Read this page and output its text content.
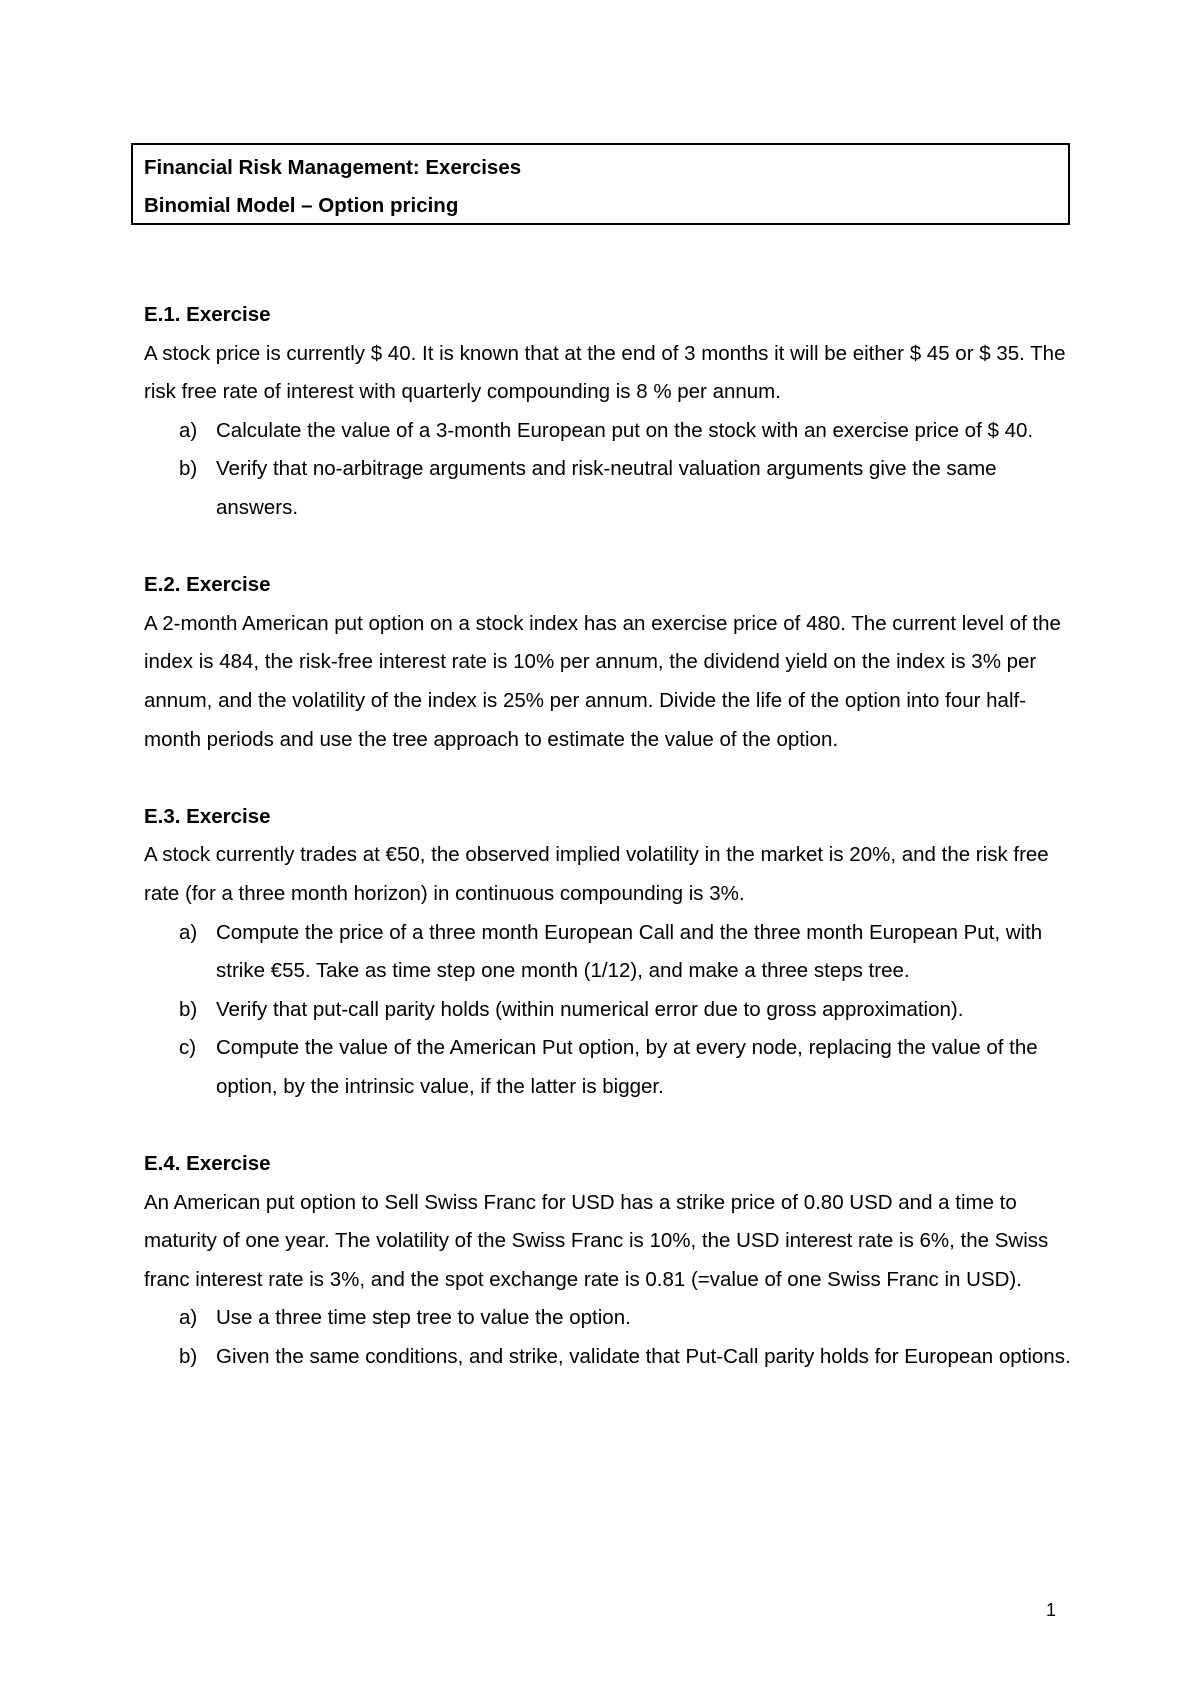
Financial Risk Management: Exercises
Binomial Model – Option pricing

E.1. Exercise

A stock price is currently $ 40. It is known that at the end of 3 months it will be either $ 45 or $ 35. The risk free rate of interest with quarterly compounding is 8 % per annum.

a) Calculate the value of a 3-month European put on the stock with an exercise price of $ 40.
b) Verify that no-arbitrage arguments and risk-neutral valuation arguments give the same answers.

E.2. Exercise

A 2-month American put option on a stock index has an exercise price of 480. The current level of the index is 484, the risk-free interest rate is 10% per annum, the dividend yield on the index is 3% per annum, and the volatility of the index is 25% per annum. Divide the life of the option into four half-month periods and use the tree approach to estimate the value of the option.

E.3. Exercise

A stock currently trades at €50, the observed implied volatility in the market is 20%, and the risk free rate (for a three month horizon) in continuous compounding is 3%.

a) Compute the price of a three month European Call and the three month European Put, with strike €55. Take as time step one month (1/12), and make a three steps tree.
b) Verify that put-call parity holds (within numerical error due to gross approximation).
c) Compute the value of the American Put option, by at every node, replacing the value of the option, by the intrinsic value, if the latter is bigger.

E.4. Exercise

An American put option to Sell Swiss Franc for USD has a strike price of 0.80 USD and a time to maturity of one year. The volatility of the Swiss Franc is 10%, the USD interest rate is 6%, the Swiss franc interest rate is 3%, and the spot exchange rate is 0.81 (=value of one Swiss Franc in USD).

a) Use a three time step tree to value the option.
b) Given the same conditions, and strike, validate that Put-Call parity holds for European options.
1
